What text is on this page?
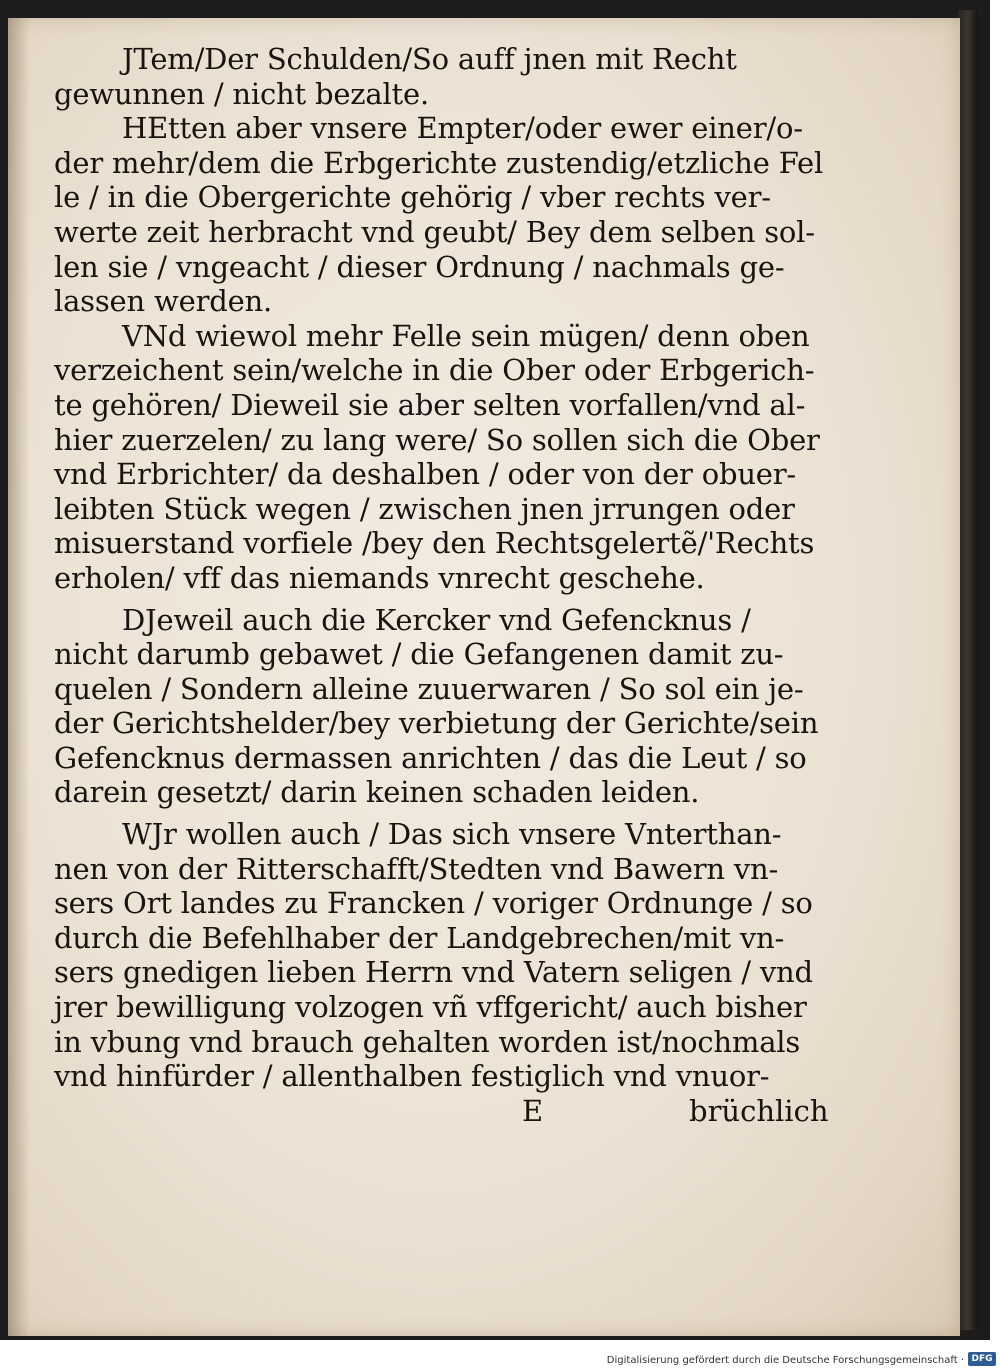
JTem/Der Schulden/So auff jnen mit Recht
gewunnen / nicht bezalte.
HEtten aber vnsere Empter/oder ewer einer/o-
der mehr/dem die Erbgerichte zustendig/etzliche Fel
le / in die Obergerichte gehörig / vber rechts ver-
werte zeit herbracht vnd geubt/ Bey dem selben sol-
len sie / vngeacht / dieser Ordnung / nachmals ge-
lassen werden.
VNd wiewol mehr Felle sein mügen/ denn oben
verzeichent sein/welche in die Ober oder Erbgerich-
te gehören/ Dieweil sie aber selten vorfallen/vnd al-
hier zuerzelen/ zu lang were/ So sollen sich die Ober
vnd Erbrichter/ da deshalben / oder von der obuer-
leibten Stück wegen / zwischen jnen jrrungen oder
misuerstand vorfiele /bey den Rechtsgelertẽ/'Rechts
erholen/ vff das niemands vnrecht geschehe.
DJeweil auch die Kercker vnd Gefencknus /
nicht darumb gebawet / die Gefangenen damit zu-
quelen / Sondern alleine zuuerwaren / So sol ein je-
der Gerichtshelder/bey verbietung der Gerichte/sein
Gefencknus dermassen anrichten / das die Leut / so
darein gesetzt/ darin keinen schaden leiden.
WJr wollen auch / Das sich vnsere Vnterthan-
nen von der Ritterschafft/Stedten vnd Bawern vn-
sers Ort landes zu Francken / voriger Ordnunge / so
durch die Befehlhaber der Landgebrechen/mit vn-
sers gnedigen lieben Herrn vnd Vatern seligen / vnd
jrer bewilligung volzogen vñ vffgericht/ auch bisher
in vbung vnd brauch gehalten worden ist/nochmals
vnd hinfürder / allenthalben festiglich vnd vnuor-
E	brüchlich
Digitalisierung gefördert durch die Deutsche Forschungsgemeinschaft · DFG
